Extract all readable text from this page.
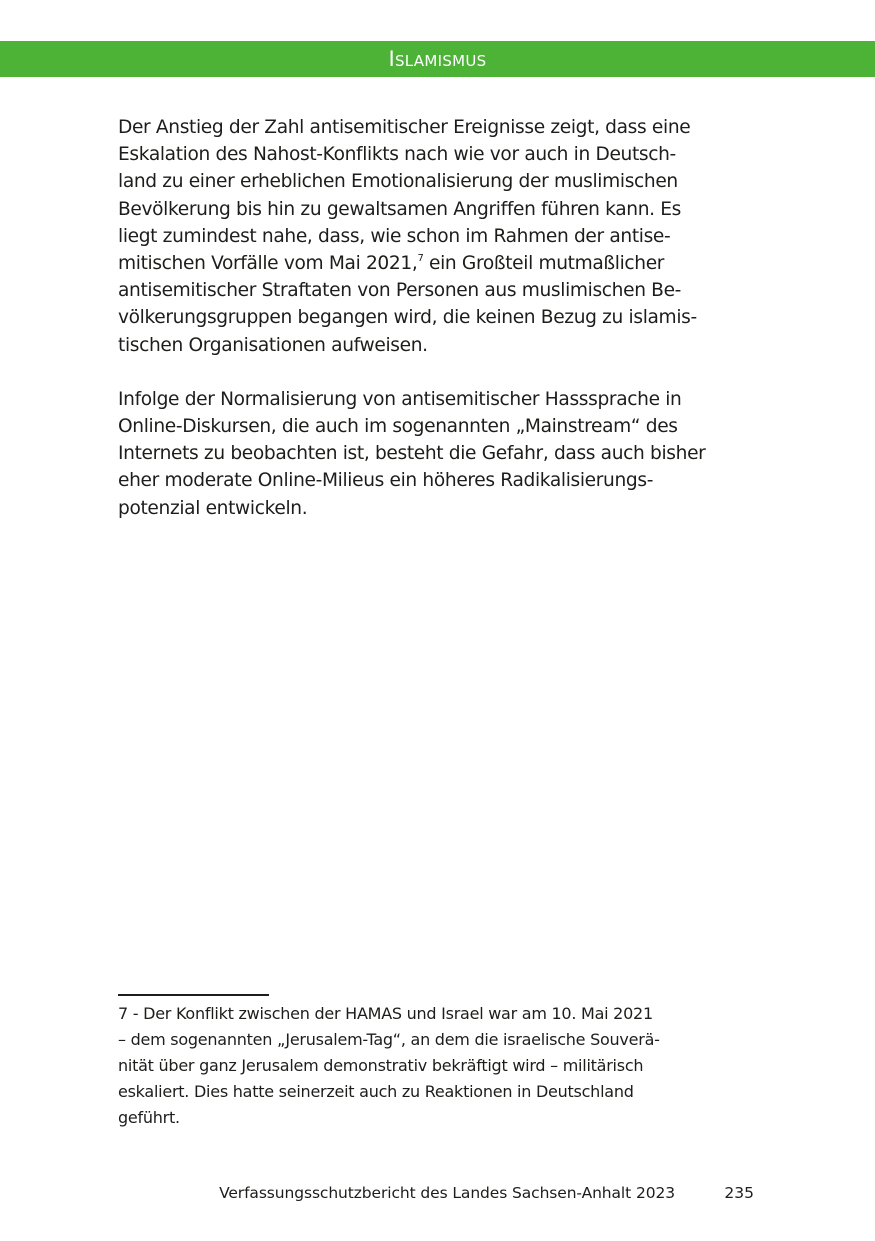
Islamismus

Der Anstieg der Zahl antisemitischer Ereignisse zeigt, dass eine
Eskalation des Nahost-Konflikts nach wie vor auch in Deutsch-
land zu einer erheblichen Emotionalisierung der muslimischen
Bevölkerung bis hin zu gewaltsamen Angriffen führen kann. Es
liegt zumindest nahe, dass, wie schon im Rahmen der antise-
mitischen Vorfälle vom Mai 2021,$^7$ ein Großteil mutmaßlicher
antisemitischer Straftaten von Personen aus muslimischen Be-
völkerungsgruppen begangen wird, die keinen Bezug zu islamis-
tischen Organisationen aufweisen.

Infolge der Normalisierung von antisemitischer Hasssprache in
Online-Diskursen, die auch im sogenannten „Mainstream“ des
Internets zu beobachten ist, besteht die Gefahr, dass auch bisher
eher moderate Online-Milieus ein höheres Radikalisierungs-
potenzial entwickeln.

7 - Der Konflikt zwischen der HAMAS und Israel war am 10. Mai 2021
– dem sogenannten „Jerusalem-Tag“, an dem die israelische Souverä-
nität über ganz Jerusalem demonstrativ bekräftigt wird – militärisch
eskaliert. Dies hatte seinerzeit auch zu Reaktionen in Deutschland
geführt.
Verfassungsschutzbericht des Landes Sachsen-Anhalt 2023	235
